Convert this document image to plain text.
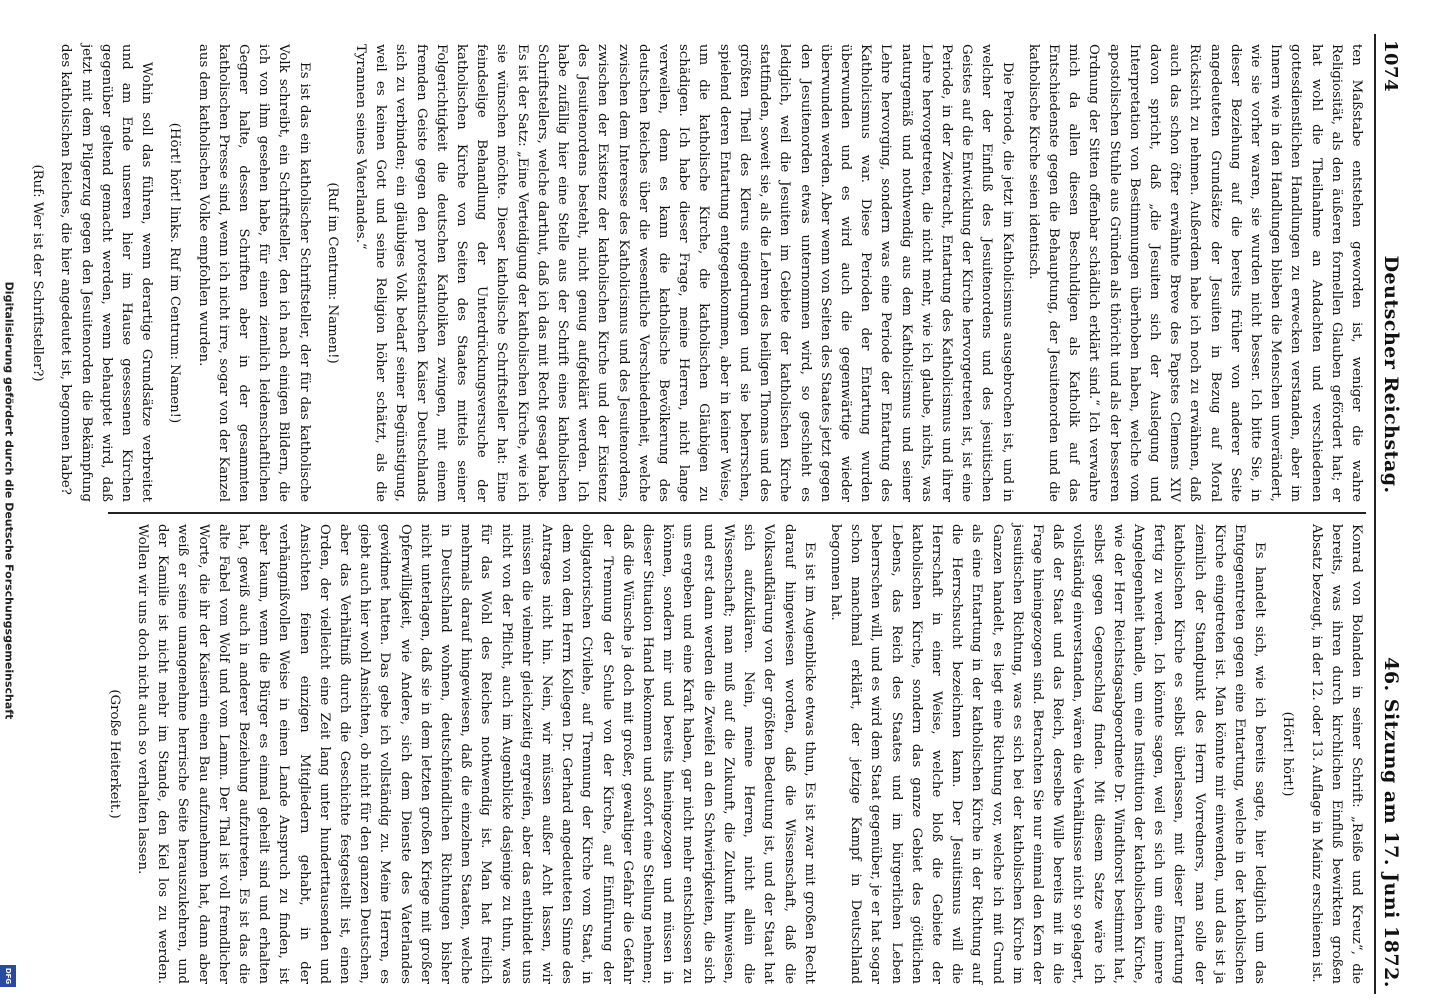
Digitalisierung gefördert durch die Deutsche Forschungsgemeinschaft
DFG
1074
Deutscher Reichstag.
46. Sitzung am 17. Juni 1872.

ten Maßstabe entstehen geworden ist, weniger die wahre Religiosität, als den äußeren formellen Glauben gefördert hat; er hat wohl die Theilnahme an Andachten und verschiedenen gottesdienstlichen Handlungen zu erwecken verstanden, aber im Innern wie in den Handlungen blieben die Menschen unverändert, wie sie vorher waren, sie wurden nicht besser. Ich bitte Sie, in dieser Beziehung auf die bereits früher von anderer Seite angedeuteten Grundsätze der Jesuiten in Bezug auf Moral Rücksicht zu nehmen. Außerdem habe ich noch zu erwähnen, daß auch das schon öfter erwähnte Breve des Papstes Clemens XIV davon spricht, daß „die Jesuiten sich der Auslegung und Interpretation von Bestimmungen überhoben haben, welche vom apostolischen Stuhle aus Gründen als thöricht und als der besseren Ordnung der Sitten offenbar schädlich erklärt sind.“ Ich verwahre mich da allen diesen Beschuldigen als Katholik auf das Entschiedenste gegen die Behauptung, der Jesuitenorden und die katholische Kirche seien identisch.

Die Periode, die jetzt im Katholicismus ausgebrochen ist, und in welcher der Einfluß des Jesuitenordens und des jesuitischen Geistes auf die Entwicklung der Kirche hervorgetreten ist, ist eine Periode, in der Zwietracht, Entartung des Katholicismus und ihrer Lehre hervorgetreten, die nicht mehr, wie ich glaube, nichts, was naturgemäß und nothwendig aus dem Katholicismus und seiner Lehre hervorging, sondern was eine Periode der Entartung des Katholicismus war. Diese Perioden der Entartung wurden überwunden und es wird auch die gegenwärtige wieder überwunden werden. Aber wenn von Seiten des Staates jetzt gegen den Jesuitenorden etwas unternommen wird, so geschieht es lediglich, weil die Jesuiten im Gebiete der katholischen Kirche stattfinden, soweit sie, als die Lehren des heiligen Thomas und des größten Theil des Klerus eingedrungen und sie beherrschen, spielend deren Entartung entgegenkommen, aber in keiner Weise, um die katholische Kirche, die katholischen Gläubigen zu schädigen. Ich habe dieser Frage, meine Herren, nicht lange verweilen, denn es kann die katholische Bevölkerung des deutschen Reiches über die wesentliche Verschiedenheit, welche zwischen dem Interesse des Katholicismus und des Jesuitenordens, zwischen der Existenz der katholischen Kirche und der Existenz des Jesuitenordens besteht, nicht genug aufgeklärt werden. Ich habe zufällig hier eine Stelle aus der Schrift eines katholischen Schriftstellers, welche darthut, daß ich das mit Recht gesagt habe. Es ist der Satz: „Eine Verteidigung der katholischen Kirche, wie ich sie wünschen möchte. Dieser katholische Schriftsteller hat: Eine feindselige Behandlung der Unterdrückungsversuche der katholischen Kirche von Seiten des Staates mittels seiner Folgerichtigkeit die deutschen Katholiken zwingen, mit einem fremden Geiste gegen den protestantischen Kaiser Deutschlands sich zu verbinden; ein gläubiges Volk bedarf seiner Begünstigung, weil es keinen Gott und seine Religion höher schätzt, als die Tyrannen seines Vaterlandes.“

(Ruf im Centrum: Namen!)

Es ist das ein katholischer Schriftsteller, der für das katholische Volk schreibt, ein Schriftsteller, den ich nach einigen Bildern, die ich von ihm gesehen habe, für einen ziemlich leidenschaftlichen Gegner halte, dessen Schriften aber in der gesammten katholischen Presse sind, wenn ich nicht irre, sogar von der Kanzel aus dem katholischen Volke empfohlen wurden.

(Hört! hört! links. Ruf im Centrum: Namen!)

Wohin soll das führen, wenn derartige Grundsätze verbreitet und am Ende unseren hier im Hause gesessenen Kirchen gegenüber geltend gemacht werden, wenn behauptet wird, daß jetzt mit dem Pilgerzug gegen den Jesuitenorden die Bekämpfung des katholischen Reiches, die hier angedeutet ist, begonnen habe?

(Ruf: Wer ist der Schriftsteller?)

Konrad von Bolanden in seiner Schrift: „Reiße und Kreuz“, die bereits, was ihren durch kirchlichen Einfluß bewirkten großen Absatz bezeugt, in der 12. oder 13. Auflage in Mainz erschienen ist.

(Hört! hört!)

Es handelt sich, wie ich bereits sagte, hier lediglich um das Entgegentreten gegen eine Entartung, welche in der katholischen Kirche eingetreten ist. Man könnte mir einwenden, und das ist ja ziemlich der Standpunkt des Herrn Vorredners, man solle der katholischen Kirche es selbst überlassen, mit dieser Entartung fertig zu werden. Ich könnte sagen, weil es sich um eine innere Angelegenheit handle, um eine Institution der katholischen Kirche, wie der Herr Reichstagsabgeordnete Dr. Windthorst bestimmt hat, selbst gegen Gegenschlag finden. Mit diesem Satze wäre ich vollständig einverstanden, wären die Verhältnisse nicht so gelagert, daß der Staat und das Reich, derselbe Wille bereits mit in die Frage hineingezogen sind. Betrachten Sie nur einmal den Kern der jesuitischen Richtung, was es sich bei der katholischen Kirche im Ganzen handelt, es liegt eine Richtung vor, welche ich mit Grund als eine Entartung in der katholischen Kirche in der Richtung auf die Herrschsucht bezeichnen kann. Der Jesuitismus will die Herrschaft in einer Weise, welche bloß die Gebiete der katholischen Kirche, sondern das ganze Gebiet des göttlichen Lebens, das Reich des Staates und im bürgerlichen Leben beherrschen will, und es wird dem Staat gegenüber, je er hat sogar schon manchmal erklärt, der jetzige Kampf in Deutschland begonnen hat.

Es ist im Augenblicke etwas thun, Es ist zwar mit großen Recht darauf hingewiesen worden, daß die Wissenschaft, daß die Volksaufklärung von der größten Bedeutung ist, und der Staat hat sich aufzuklären. Nein, meine Herren, nicht allein die Wissenschaft; man muß auf die Zukunft, die Zukunft hinweisen, und erst dann werden die Zweifel an den Schwierigkeiten, die sich uns ergeben und eine Kraft haben, gar nicht mehr entschlossen zu können, sondern mir und bereits hineingezogen und müssen in dieser Situation Hand bekommen und sofort eine Stellung nehmen; daß die Wünsche ja doch mit großer, gewaltiger Gefahr die Gefahr der Trennung der Schule von der Kirche, auf Einführung der obligatorischen Civilehe, auf Trennung der Kirche vom Staat, in dem von dem Herrn Kollegen Dr. Gerhard angedeuteten Sinne des Antrages nicht hin. Nein, wir müssen außer Acht lassen, wir müssen die vielmehr gleichzeitig ergreifen, aber das entbindet uns nicht von der Pflicht, auch im Augenblicke dasjenige zu thun, was für das Wohl des Reiches nothwendig ist. Man hat freilich mehrmals darauf hingewiesen, daß die einzelnen Staaten, welche in Deutschland wohnen, deutschfeindlichen Richtungen bisher nicht unterlagen, daß sie in dem letzten großen Kriege mit großer Opferwilligkeit, wie Andere, sich dem Dienste des Vaterlandes gewidmet hatten. Das gebe ich vollständig zu. Meine Herren, es giebt auch hier wohl Ansichten, ob nicht für den ganzen Deutschen, aber das Verhältniß durch die Geschichte festgestellt ist, einen Orden, der vielleicht eine Zeit lang unter hunderttausenden und Ansichten feinen einzigen Mitgliedern gehabt, in der verhängnißvollen Weise in einen Lande Anspruch zu finden, ist aber kaum, wenn die Bürger es einmal geheilt sind und erhalten hat, gewiß auch in anderer Beziehung aufzutreten. Es ist das die alte Fabel vom Wolf und vom Lamm. Der Thal ist voll fremdlicher Worte, die ihr der Kaiserin einen Bau aufzunehmen hat, dann aber weiß er seine unangenehme herrische Seite herauszukehren, und der Kamilie ist nicht mehr im Stande, den Kiel los zu werden. Wollen wir uns doch nicht auch so verhalten lassen.

(Große Heiterkeit.)
